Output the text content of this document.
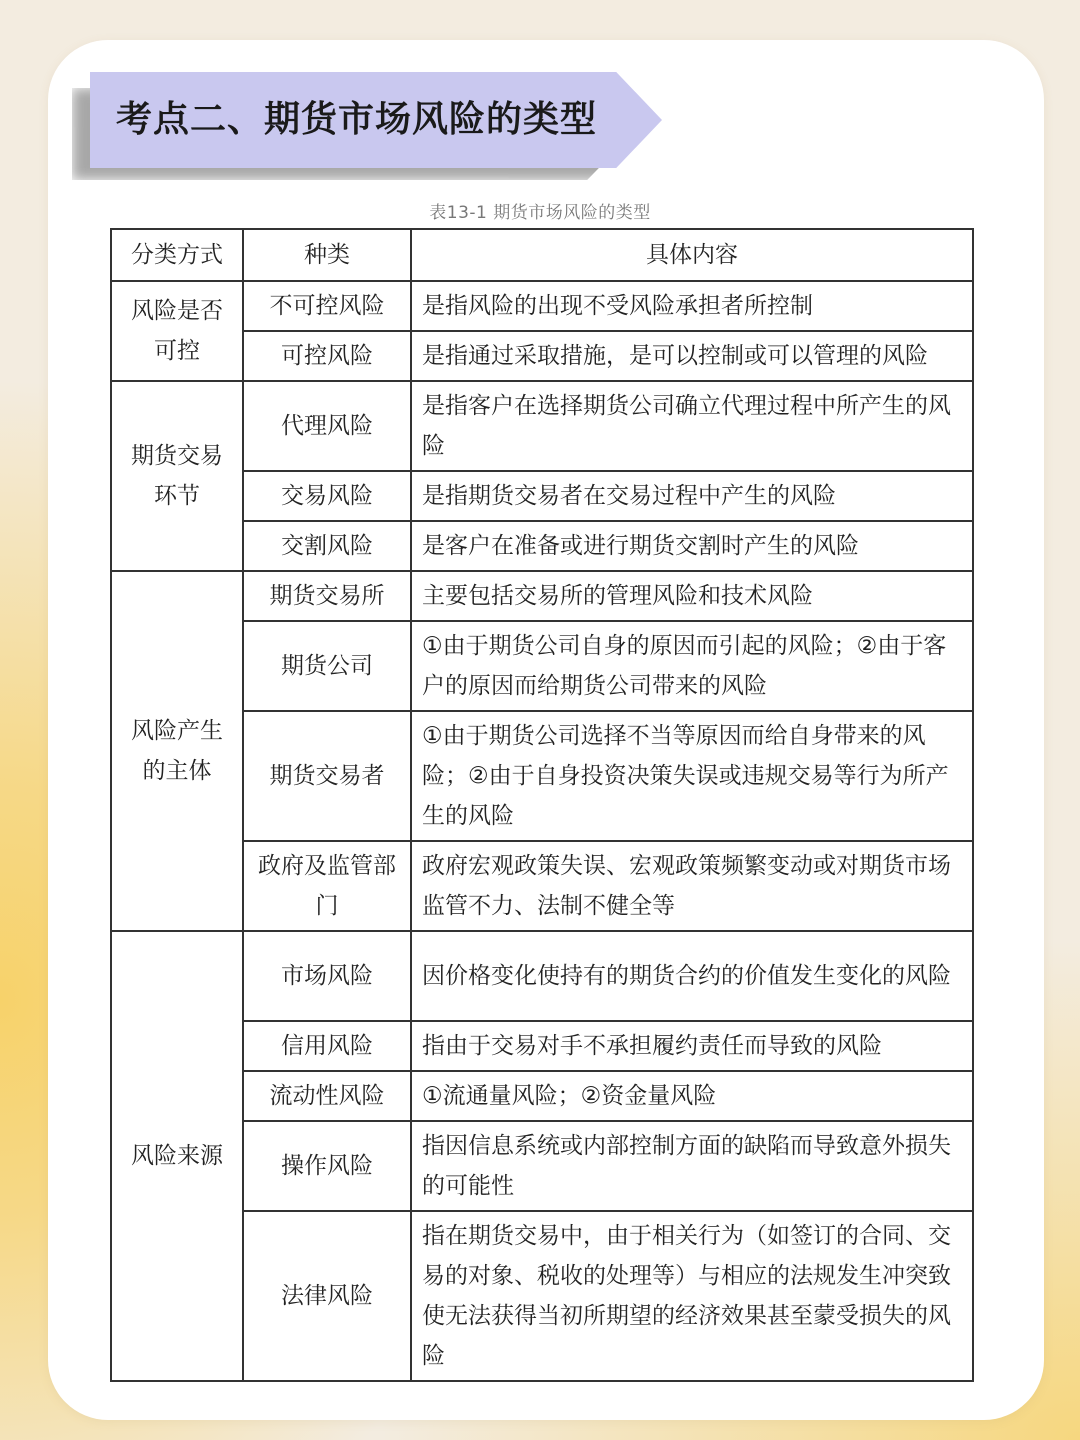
考点二、期货市场风险的类型
表13-1 期货市场风险的类型
分类方式	种类	具体内容
风险是否可控	不可控风险	是指风险的出现不受风险承担者所控制
	可控风险	是指通过采取措施，是可以控制或可以管理的风险
期货交易环节	代理风险	是指客户在选择期货公司确立代理过程中所产生的风险
	交易风险	是指期货交易者在交易过程中产生的风险
	交割风险	是客户在准备或进行期货交割时产生的风险
风险产生的主体	期货交易所	主要包括交易所的管理风险和技术风险
	期货公司	①由于期货公司自身的原因而引起的风险；②由于客户的原因而给期货公司带来的风险
	期货交易者	①由于期货公司选择不当等原因而给自身带来的风险；②由于自身投资决策失误或违规交易等行为所产生的风险
	政府及监管部门	政府宏观政策失误、宏观政策频繁变动或对期货市场监管不力、法制不健全等
风险来源	市场风险	因价格变化使持有的期货合约的价值发生变化的风险
	信用风险	指由于交易对手不承担履约责任而导致的风险
	流动性风险	①流通量风险；②资金量风险
	操作风险	指因信息系统或内部控制方面的缺陷而导致意外损失的可能性
	法律风险	指在期货交易中，由于相关行为（如签订的合同、交易的对象、税收的处理等）与相应的法规发生冲突致使无法获得当初所期望的经济效果甚至蒙受损失的风险
